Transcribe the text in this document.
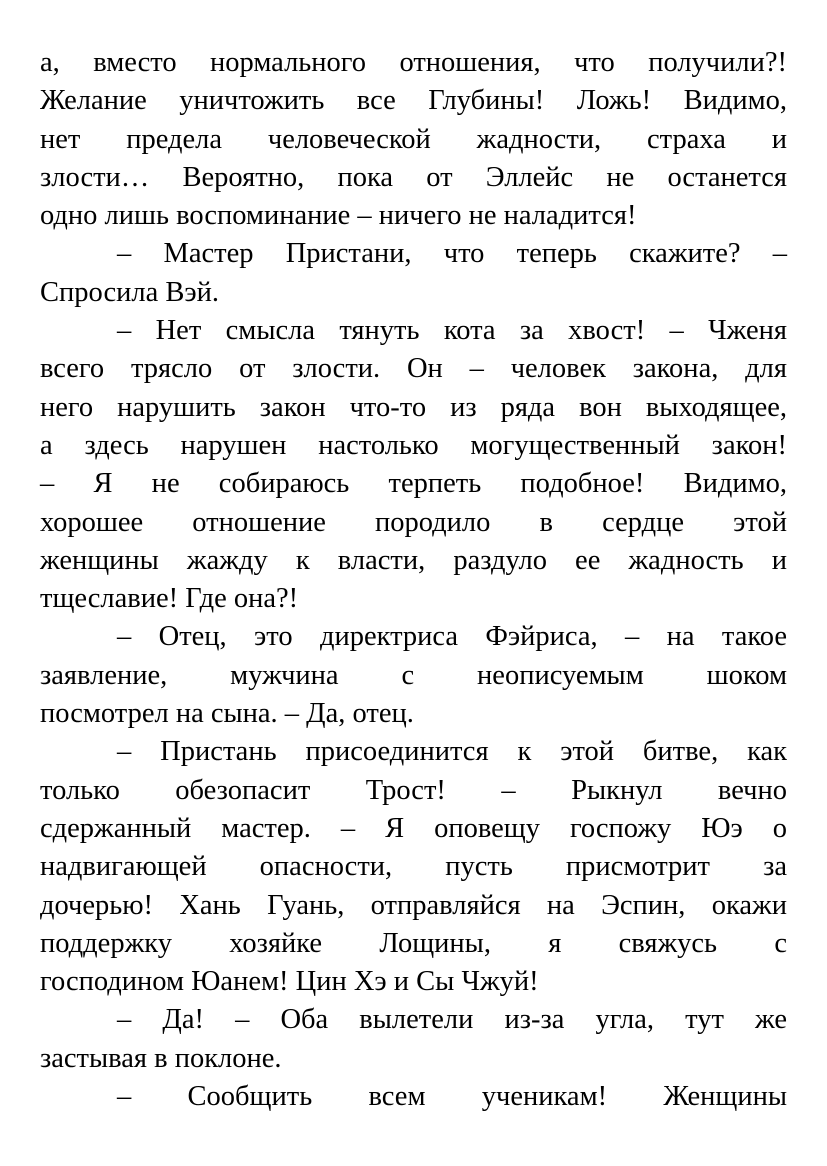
а, вместо нормального отношения, что получили?!
Желание уничтожить все Глубины! Ложь! Видимо,
нет предела человеческой жадности, страха и
злости… Вероятно, пока от Эллейс не останется
одно лишь воспоминание – ничего не наладится!
– Мастер Пристани, что теперь скажите? –
Спросила Вэй.
– Нет смысла тянуть кота за хвост! – Чженя
всего трясло от злости. Он – человек закона, для
него нарушить закон что-то из ряда вон выходящее,
а здесь нарушен настолько могущественный закон!
– Я не собираюсь терпеть подобное! Видимо,
хорошее отношение породило в сердце этой
женщины жажду к власти, раздуло ее жадность и
тщеславие! Где она?!
– Отец, это директриса Фэйриса, – на такое
заявление, мужчина с неописуемым шоком
посмотрел на сына. – Да, отец.
– Пристань присоединится к этой битве, как
только обезопасит Трост! – Рыкнул вечно
сдержанный мастер. – Я оповещу госпожу Юэ о
надвигающей опасности, пусть присмотрит за
дочерью! Хань Гуань, отправляйся на Эспин, окажи
поддержку хозяйке Лощины, я свяжусь с
господином Юанем! Цин Хэ и Сы Чжуй!
– Да! – Оба вылетели из-за угла, тут же
застывая в поклоне.
– Сообщить всем ученикам! Женщины
